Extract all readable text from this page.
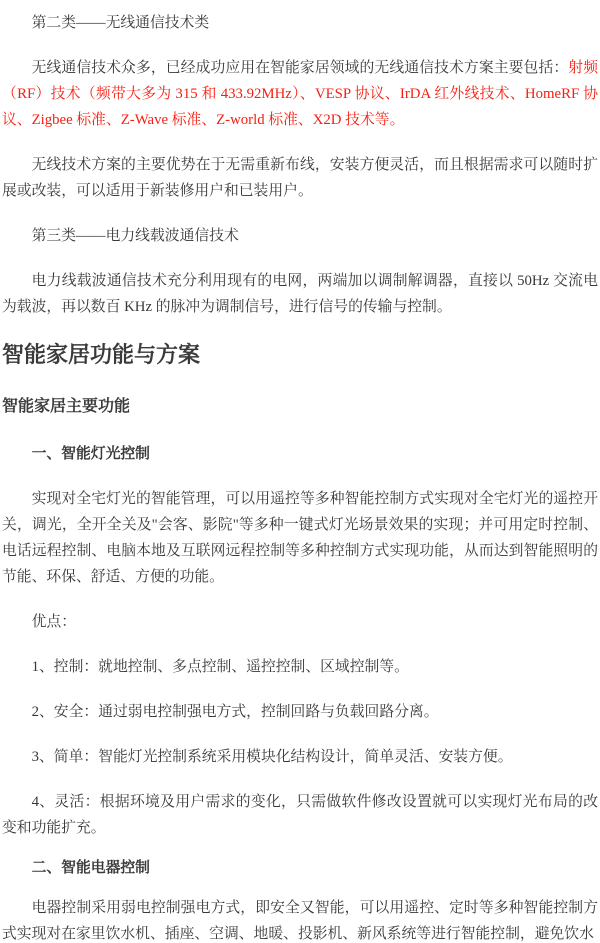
第二类——无线通信技术类

无线通信技术众多，已经成功应用在智能家居领域的无线通信技术方案主要包括：射频（RF）技术（频带大多为 315 和 433.92MHz）、VESP 协议、IrDA 红外线技术、HomeRF 协议、Zigbee 标准、Z-Wave 标准、Z-world 标准、X2D 技术等。

无线技术方案的主要优势在于无需重新布线，安装方便灵活，而且根据需求可以随时扩展或改装，可以适用于新装修用户和已装用户。

第三类——电力线载波通信技术

电力线载波通信技术充分利用现有的电网，两端加以调制解调器，直接以 50Hz 交流电为载波，再以数百 KHz 的脉冲为调制信号，进行信号的传输与控制。

智能家居功能与方案
智能家居主要功能

一、智能灯光控制

实现对全宅灯光的智能管理，可以用遥控等多种智能控制方式实现对全宅灯光的遥控开关，调光，全开全关及"会客、影院"等多种一键式灯光场景效果的实现；并可用定时控制、电话远程控制、电脑本地及互联网远程控制等多种控制方式实现功能，从而达到智能照明的节能、环保、舒适、方便的功能。

优点：

1、控制：就地控制、多点控制、遥控控制、区域控制等。

2、安全：通过弱电控制强电方式，控制回路与负载回路分离。

3、简单：智能灯光控制系统采用模块化结构设计，简单灵活、安装方便。

4、灵活：根据环境及用户需求的变化，只需做软件修改设置就可以实现灯光布局的改变和功能扩充。

二、智能电器控制

电器控制采用弱电控制强电方式，即安全又智能，可以用遥控、定时等多种智能控制方式实现对在家里饮水机、插座、空调、地暖、投影机、新风系统等进行智能控制，避免饮水
